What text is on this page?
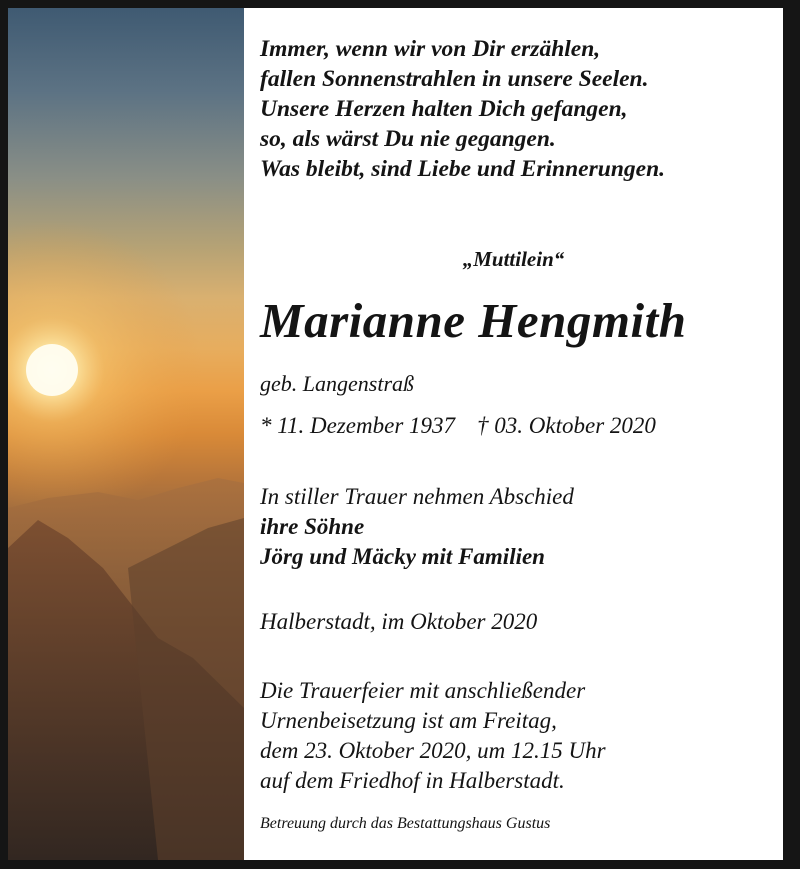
Immer, wenn wir von Dir erzählen,
fallen Sonnenstrahlen in unsere Seelen.
Unsere Herzen halten Dich gefangen,
so, als wärst Du nie gegangen.
Was bleibt, sind Liebe und Erinnerungen.
„Muttilein“
Marianne Hengmith
geb. Langenstraß
* 11. Dezember 1937 † 03. Oktober 2020
In stiller Trauer nehmen Abschied
ihre Söhne
Jörg und Mäcky mit Familien
Halberstadt, im Oktober 2020
Die Trauerfeier mit anschließender
Urnenbeisetzung ist am Freitag,
dem 23. Oktober 2020, um 12.15 Uhr
auf dem Friedhof in Halberstadt.
Betreuung durch das Bestattungshaus Gustus
